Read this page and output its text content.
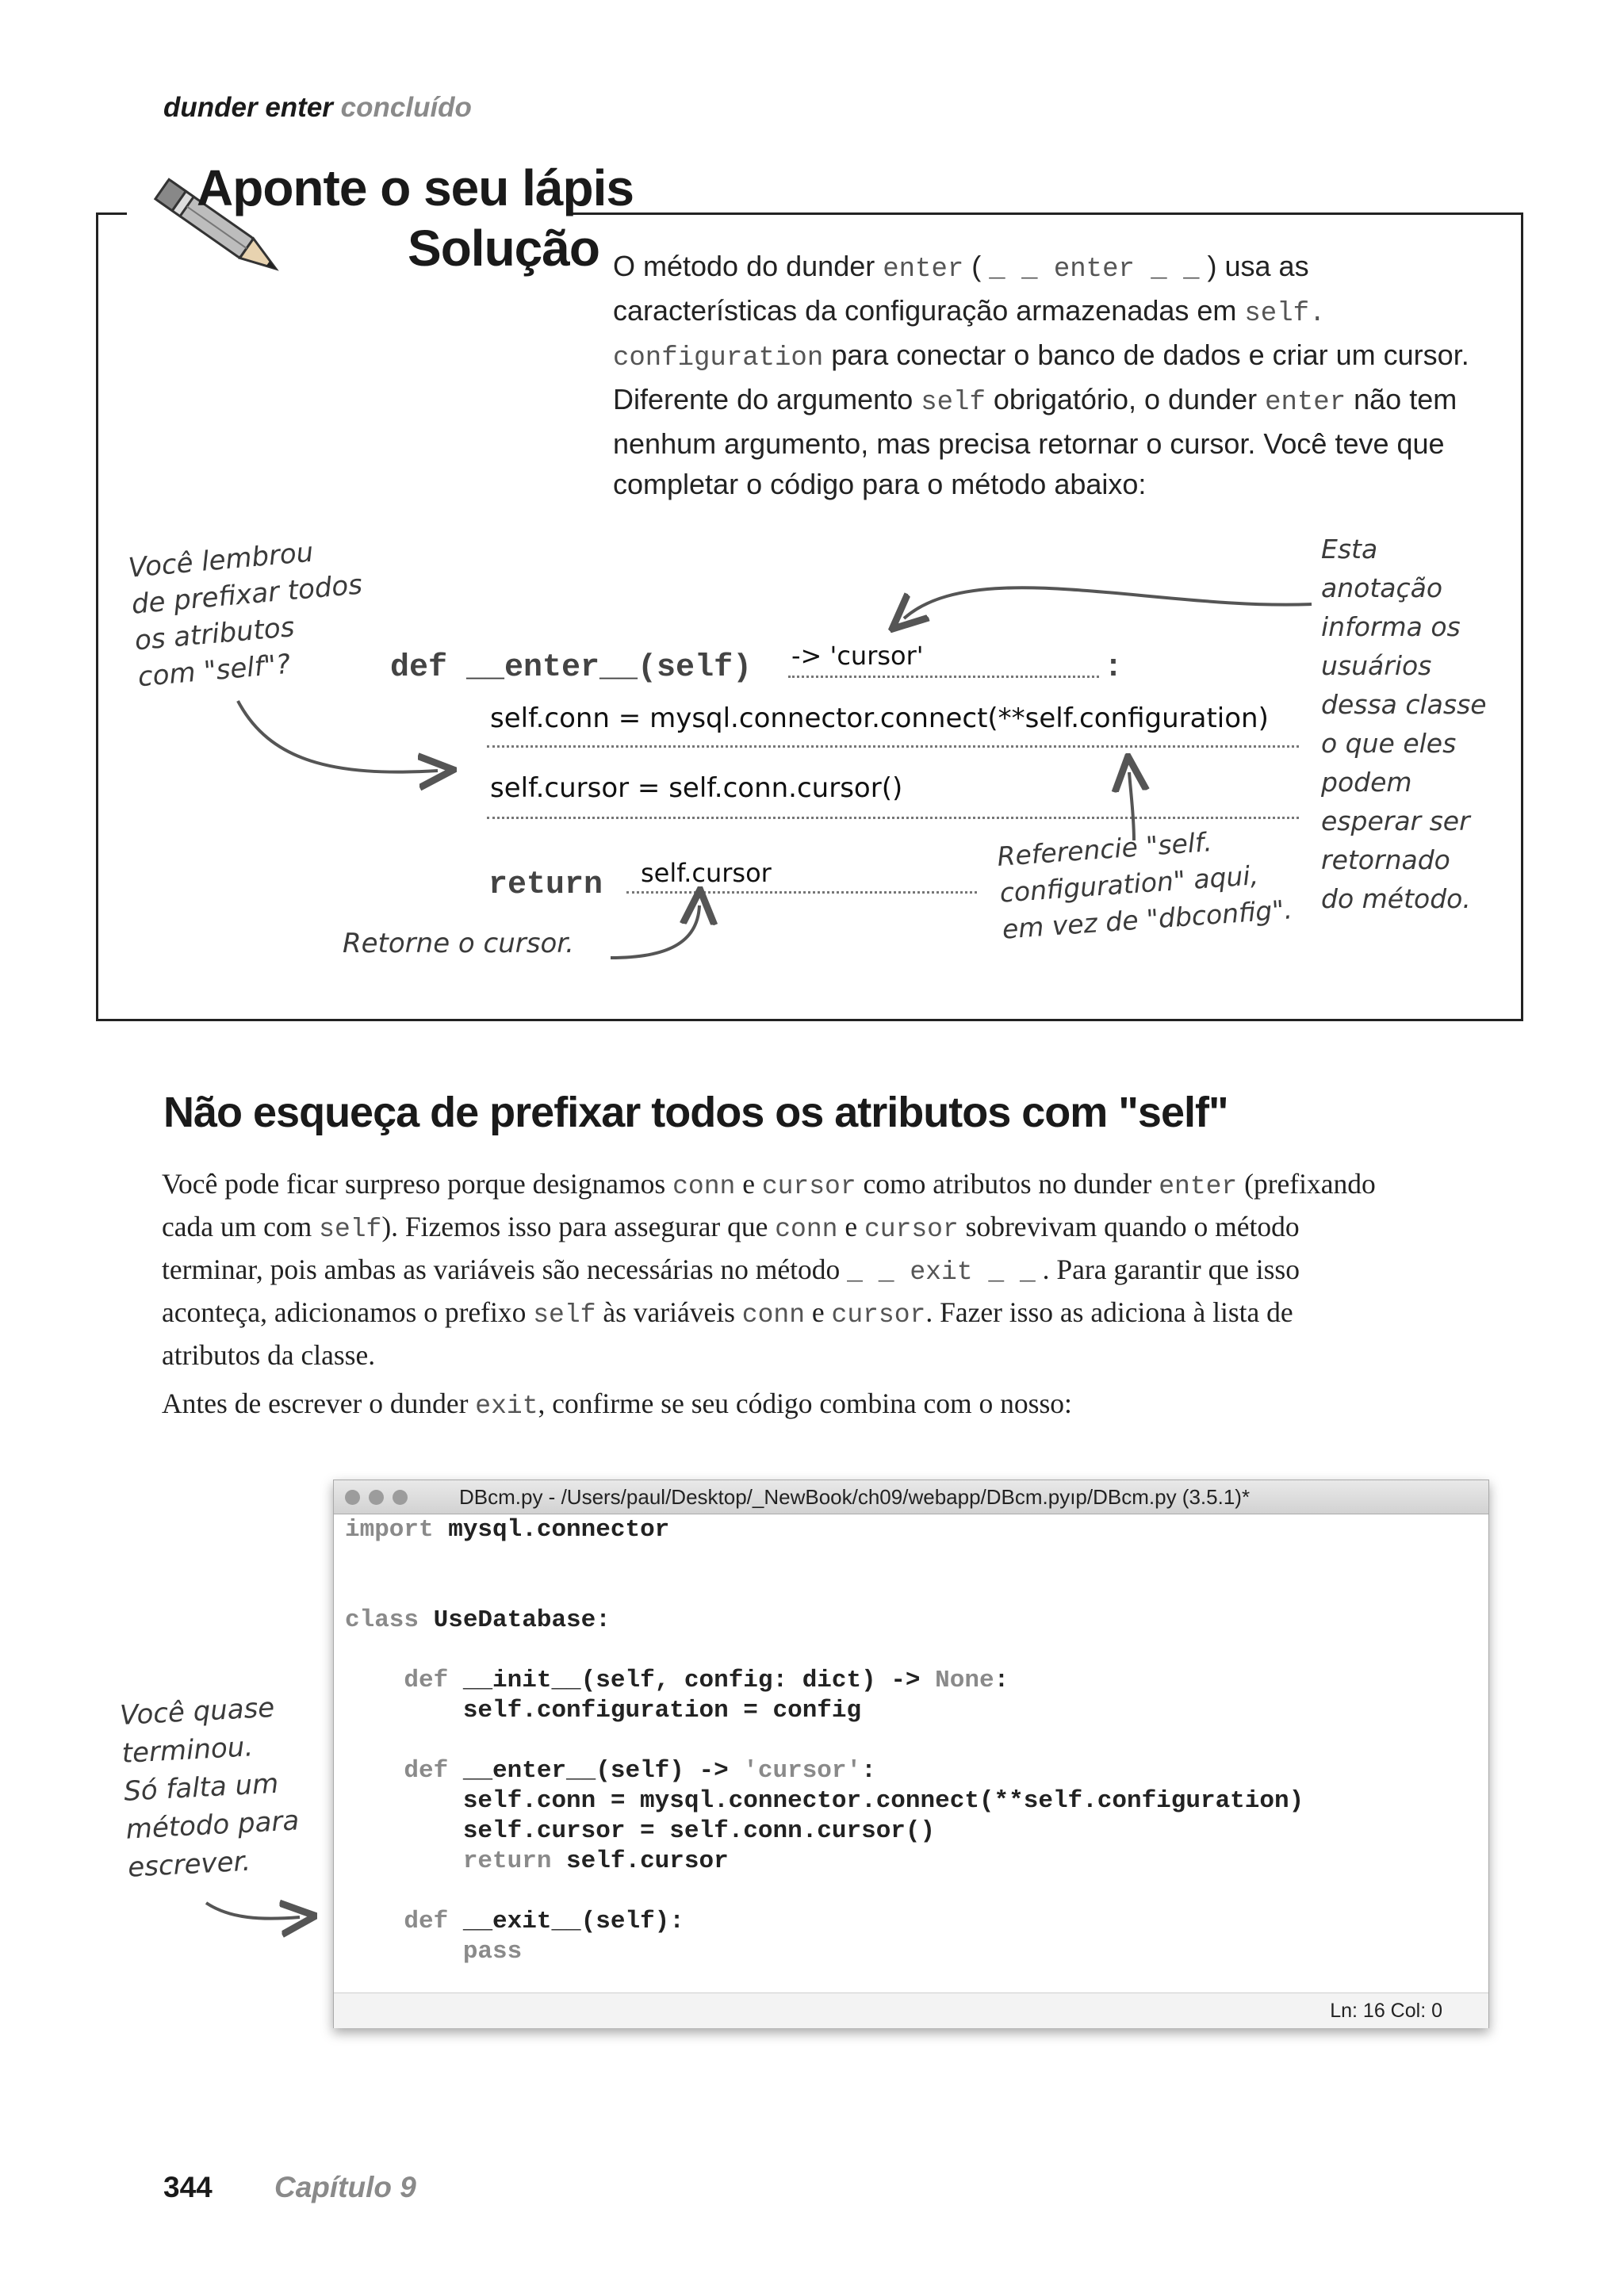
dunder enter concluído
Aponte o seu lápis
Solução O método do dunder enter ( _ _ enter _ _ ) usa as características da configuração armazenadas em self.
configuration para conectar o banco de dados e criar um cursor. Diferente do argumento self obrigatório, o dunder enter não tem nenhum argumento, mas precisa retornar o cursor. Você teve que completar o código para o método abaixo:
def __enter__(self) -> 'cursor'	:
self.conn = mysql.connector.connect(**self.configuration)
self.cursor = self.conn.cursor()
return self.cursor
Você lembrou
de prefixar todos
os atributos
com "self"?
Esta
anotação
informa os
usuários
dessa classe
o que eles
podem
esperar ser
retornado
do método.
Referencie "self.
configuration" aqui,
em vez de "dbconfig".
Retorne o cursor.
Não esqueça de prefixar todos os atributos com "self"

Você pode ficar surpreso porque designamos conn e cursor como atributos no dunder enter (prefixando cada um com self). Fizemos isso para assegurar que conn e cursor sobrevivam quando o método terminar, pois ambas as variáveis são necessárias no método _ _ exit _ _ . Para garantir que isso aconteça, adicionamos o prefixo self às variáveis conn e cursor. Fazer isso as adiciona à lista de atributos da classe.

Antes de escrever o dunder exit, confirme se seu código combina com o nosso:

DBcm.py - /Users/paul/Desktop/_NewBook/ch09/webapp/DBcm.pyıp/DBcm.py (3.5.1)*
import mysql.connector

class UseDatabase:

def __init__(self, config: dict) -> None:
self.configuration = config

def __enter__(self) -> 'cursor':
self.conn = mysql.connector.connect(**self.configuration)
self.cursor = self.conn.cursor()
return self.cursor

def __exit__(self):
pass
Ln: 16 Col: 0
Você quase
terminou.
Só falta um
método para
escrever.
344 Capítulo 9
